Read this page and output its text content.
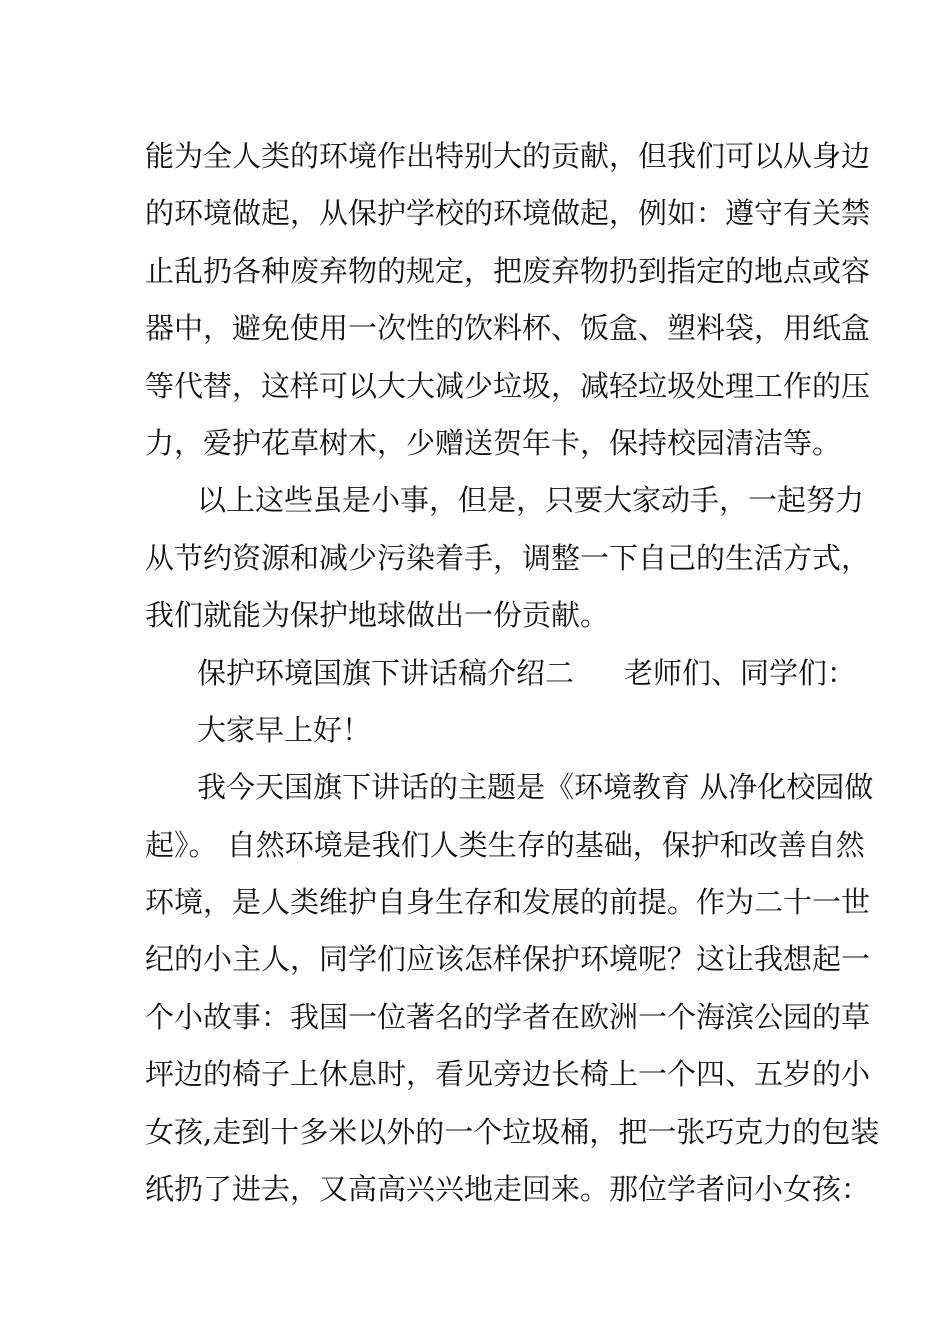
能为全人类的环境作出特别大的贡献，但我们可以从身边
的环境做起，从保护学校的环境做起，例如：遵守有关禁
止乱扔各种废弃物的规定，把废弃物扔到指定的地点或容
器中，避免使用一次性的饮料杯、饭盒、塑料袋，用纸盒
等代替，这样可以大大减少垃圾，减轻垃圾处理工作的压
力，爱护花草树木，少赠送贺年卡，保持校园清洁等。
以上这些虽是小事，但是，只要大家动手，一起努力
从节约资源和减少污染着手，调整一下自己的生活方式，
我们就能为保护地球做出一份贡献。
保护环境国旗下讲话稿介绍二 老师们、同学们：
大家早上好！
我今天国旗下讲话的主题是《环境教育 从净化校园做
起》。 自然环境是我们人类生存的基础，保护和改善自然
环境，是人类维护自身生存和发展的前提。作为二十一世
纪的小主人，同学们应该怎样保护环境呢？这让我想起一
个小故事：我国一位著名的学者在欧洲一个海滨公园的草
坪边的椅子上休息时，看见旁边长椅上一个四、五岁的小
女孩,走到十多米以外的一个垃圾桶，把一张巧克力的包装
纸扔了进去，又高高兴兴地走回来。那位学者问小女孩：
